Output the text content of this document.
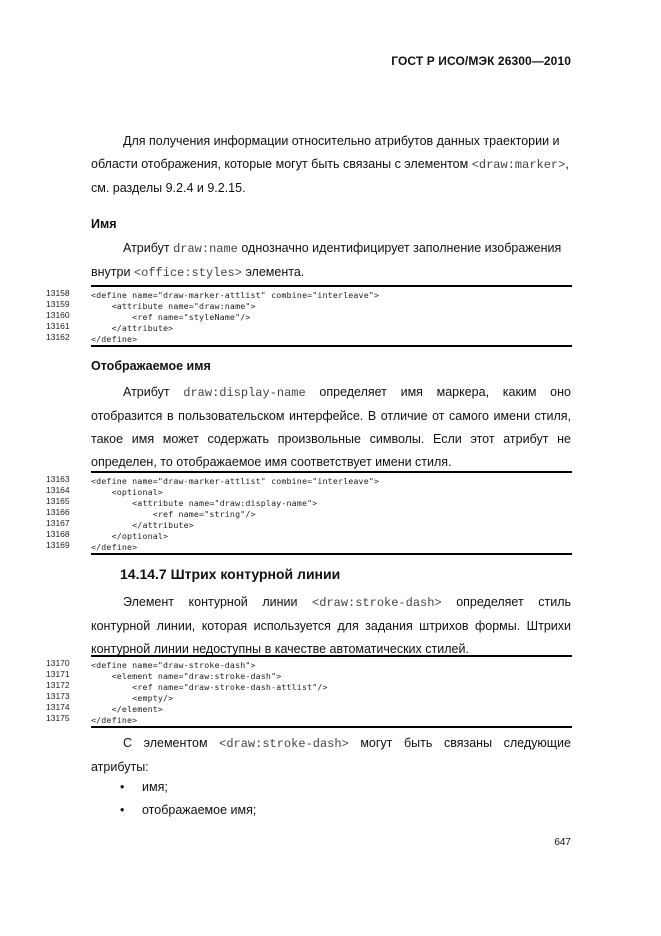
ГОСТ Р ИСО/МЭК 26300—2010
Для получения информации относительно атрибутов данных траектории и
области отображения, которые могут быть связаны с элементом <draw:marker>,
см. разделы 9.2.4 и 9.2.15.
Имя
Атрибут draw:name однозначно идентифицирует заполнение изображения
внутри <office:styles> элемента.
13158	<define name="draw-marker-attlist" combine="interleave">
13159	<attribute name="draw:name">
13160	<ref name="styleName"/>
13161	</attribute>
13162	</define>
Отображаемое имя
Атрибут draw:display-name определяет имя маркера, каким оно
отобразится в пользовательском интерфейсе. В отличие от самого имени стиля,
такое имя может содержать произвольные символы. Если этот атрибут не
определен, то отображаемое имя соответствует имени стиля.
13163	<define name="draw-marker-attlist" combine="interleave">
13164	<optional>
13165	<attribute name="draw:display-name">
13166	<ref name="string"/>
13167	</attribute>
13168	</optional>
13169	</define>
14.14.7 Штрих контурной линии
Элемент контурной линии <draw:stroke-dash> определяет стиль
контурной линии, которая используется для задания штрихов формы. Штрихи
контурной линии недоступны в качестве автоматических стилей.
13170	<define name="draw-stroke-dash">
13171	<element name="draw:stroke-dash">
13172	<ref name="draw-stroke-dash-attlist"/>
13173	<empty/>
13174	</element>
13175	</define>
С элементом <draw:stroke-dash> могут быть связаны следующие
атрибуты:
• имя;
• отображаемое имя;
647
